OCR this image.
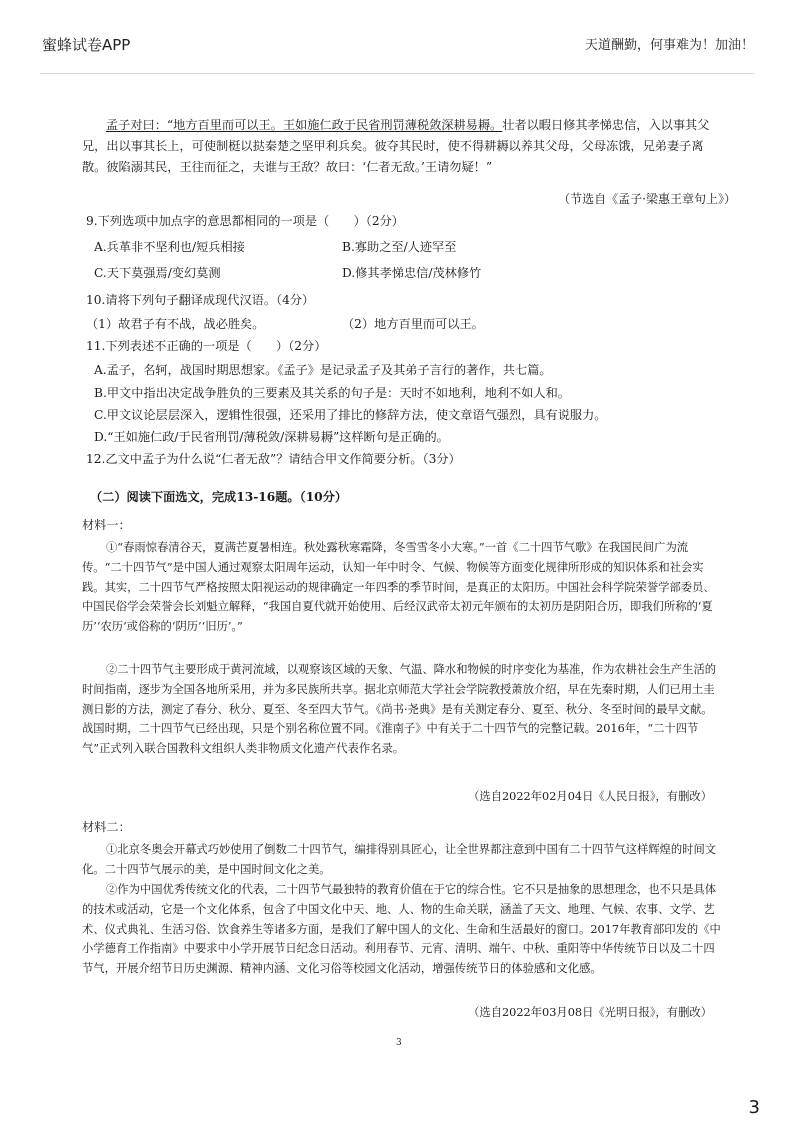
蜜蜂试卷APP	天道酬勤，何事难为！加油！
孟子对曰：“地方百里而可以王。王如施仁政于民省刑罚薄税敛深耕易耨。壮者以暇日修其孝悌忠信，入以事其父兄，出以事其长上，可使制梃以挞秦楚之坚甲利兵矣。彼夺其民时，使不得耕耨以养其父母，父母冻饿，兄弟妻子离散。彼陷溺其民，王往而征之，夫谁与王敌？故曰：‘仁者无敌。’王请勿疑！”
（节选自《孟子·梁惠王章句上》）
9.下列选项中加点字的意思都相同的一项是（　　）（2分）
A.兵革非不坚利也/短兵相接	B.寡助之至/人迹罕至
C.天下莫强焉/变幻莫测	D.修其孝悌忠信/茂林修竹
10.请将下列句子翻译成现代汉语。（4分）
（1）故君子有不战，战必胜矣。	（2）地方百里而可以王。
11.下列表述不正确的一项是（　　）（2分）
A.孟子，名轲，战国时期思想家。《孟子》是记录孟子及其弟子言行的著作，共七篇。
B.甲文中指出决定战争胜负的三要素及其关系的句子是：天时不如地利，地利不如人和。
C.甲文议论层层深入，逻辑性很强，还采用了排比的修辞方法，使文章语气强烈，具有说服力。
D.“王如施仁政/于民省刑罚/薄税敛/深耕易耨”这样断句是正确的。
12.乙文中孟子为什么说“仁者无敌”？请结合甲文作简要分析。（3分）
（二）阅读下面选文，完成13-16题。（10分）
材料一：
①“春雨惊春清谷天，夏满芒夏暑相连。秋处露秋寒霜降，冬雪雪冬小大寒。”一首《二十四节气歌》在我国民间广为流传。“二十四节气”是中国人通过观察太阳周年运动，认知一年中时令、气候、物候等方面变化规律所形成的知识体系和社会实践。其实，二十四节气严格按照太阳视运动的规律确定一年四季的季节时间，是真正的太阳历。中国社会科学院荣誉学部委员、中国民俗学会荣誉会长刘魁立解释，“我国自夏代就开始使用、后经汉武帝太初元年颁布的太初历是阴阳合历，即我们所称的‘夏历’‘农历’或俗称的‘阴历’‘旧历’。”
②二十四节气主要形成于黄河流域，以观察该区域的天象、气温、降水和物候的时序变化为基准，作为农耕社会生产生活的时间指南，逐步为全国各地所采用，并为多民族所共享。据北京师范大学社会学院教授萧放介绍，早在先秦时期，人们已用土圭测日影的方法，测定了春分、秋分、夏至、冬至四大节气。《尚书·尧典》是有关测定春分、夏至、秋分、冬至时间的最早文献。战国时期，二十四节气已经出现，只是个别名称位置不同。《淮南子》中有关于二十四节气的完整记载。2016年，“二十四节气”正式列入联合国教科文组织人类非物质文化遗产代表作名录。
（选自2022年02月04日《人民日报》，有删改）
材料二：
①北京冬奥会开幕式巧妙使用了倒数二十四节气，编排得别具匠心，让全世界都注意到中国有二十四节气这样辉煌的时间文化。二十四节气展示的美，是中国时间文化之美。
②作为中国优秀传统文化的代表，二十四节气最独特的教育价值在于它的综合性。它不只是抽象的思想理念，也不只是具体的技术或活动，它是一个文化体系，包含了中国文化中天、地、人、物的生命关联，涵盖了天文、地理、气候、农事、文学、艺术、仪式典礼、生活习俗、饮食养生等诸多方面，是我们了解中国人的文化、生命和生活最好的窗口。2017年教育部印发的《中小学德育工作指南》中要求中小学开展节日纪念日活动。利用春节、元宵、清明、端午、中秋、重阳等中华传统节日以及二十四节气，开展介绍节日历史渊源、精神内涵、文化习俗等校园文化活动，增强传统节日的体验感和文化感。
（选自2022年03月08日《光明日报》，有删改）
3
3
